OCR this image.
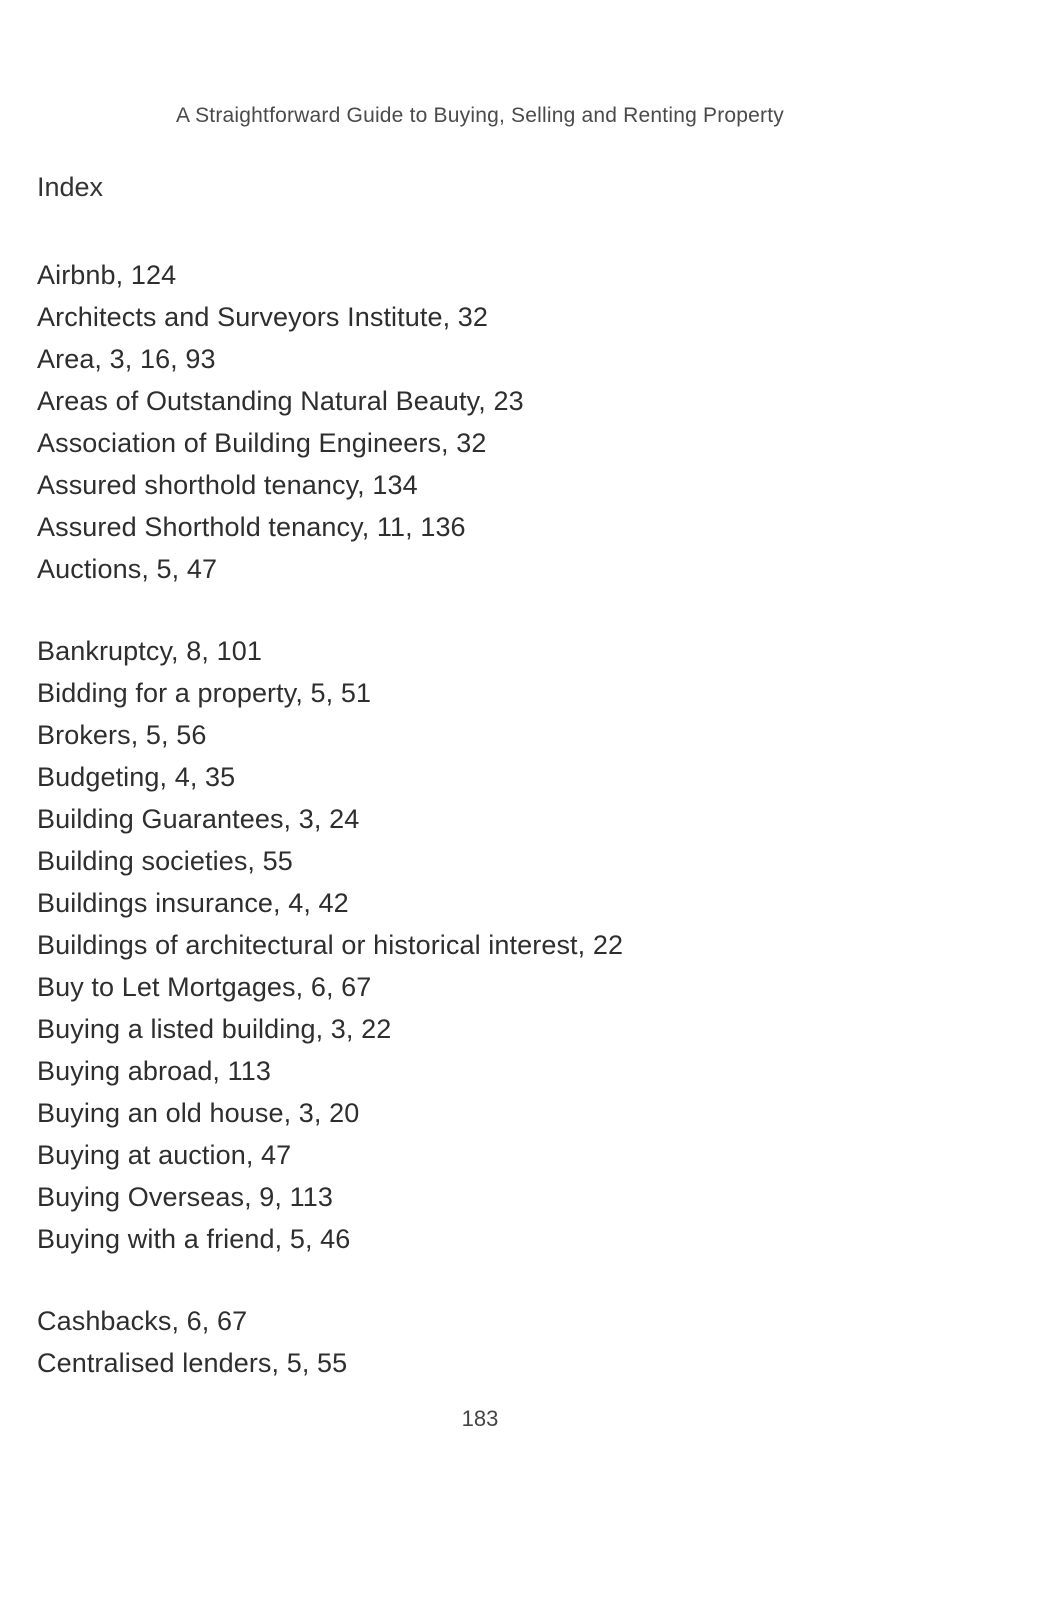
A Straightforward Guide to Buying, Selling and Renting Property
Index
Airbnb, 124
Architects and Surveyors Institute, 32
Area, 3, 16, 93
Areas of Outstanding Natural Beauty, 23
Association of Building Engineers, 32
Assured shorthold tenancy, 134
Assured Shorthold tenancy, 11, 136
Auctions, 5, 47
Bankruptcy, 8, 101
Bidding for a property, 5, 51
Brokers, 5, 56
Budgeting, 4, 35
Building Guarantees, 3, 24
Building societies, 55
Buildings insurance, 4, 42
Buildings of architectural or historical interest, 22
Buy to Let Mortgages, 6, 67
Buying a listed building, 3, 22
Buying abroad, 113
Buying an old house, 3, 20
Buying at auction, 47
Buying Overseas, 9, 113
Buying with a friend, 5, 46
Cashbacks, 6, 67
Centralised lenders, 5, 55
183
